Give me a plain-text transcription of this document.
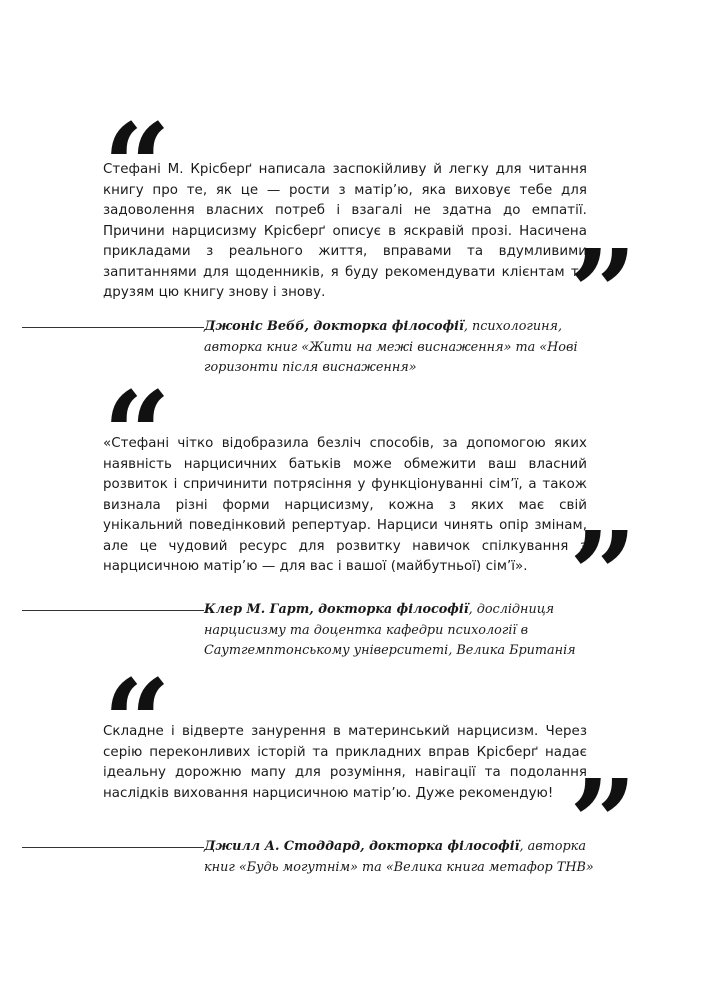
“

Стефані М. Крісберґ написала заспокійливу й легку для читання книгу про те, як це — рости з матір’ю, яка виховує тебе для задоволення власних потреб і взагалі не здатна до емпатії. Причини нарцисизму Крісберґ описує в яскравій прозі. Насичена прикладами з реального життя, вправами та вдумливими запитаннями для щоденників, я буду рекомендувати клієнтам та друзям цю книгу знову і знову.	”

Джоніс Вебб, докторка філософії, психологиня, авторка книг «Жити на межі виснаження» та «Нові горизонти після виснаження»

“

«Стефані чітко відобразила безліч способів, за допомогою яких наявність нарцисичних батьків може обмежити ваш власний розвиток і спричинити потрясіння у функціонуванні сім’ї, а також визнала різні форми нарцисизму, кожна з яких має свій унікальний поведінковий репертуар. Нарциси чинять опір змінам, але це чудовий ресурс для розвитку навичок спілкування з нарцисичною матір’ю — для вас і вашої (майбутньої) сім’ї». ”

Клер М. Гарт, докторка філософії, дослідниця нарцисизму та доцентка кафедри психології в Саутгемптонському університеті, Велика Британія

“

Складне і відверте занурення в материнський нарцисизм. Через серію переконливих історій та прикладних вправ Крісберґ надає ідеальну дорожню мапу для розуміння, навігації та подолання наслідків виховання нарцисичною матір’ю. Дуже рекомендую! ”

Джилл А. Стоддард, докторка філософії, авторка книг «Будь могутнім» та «Велика книга метафор ТНВ»
